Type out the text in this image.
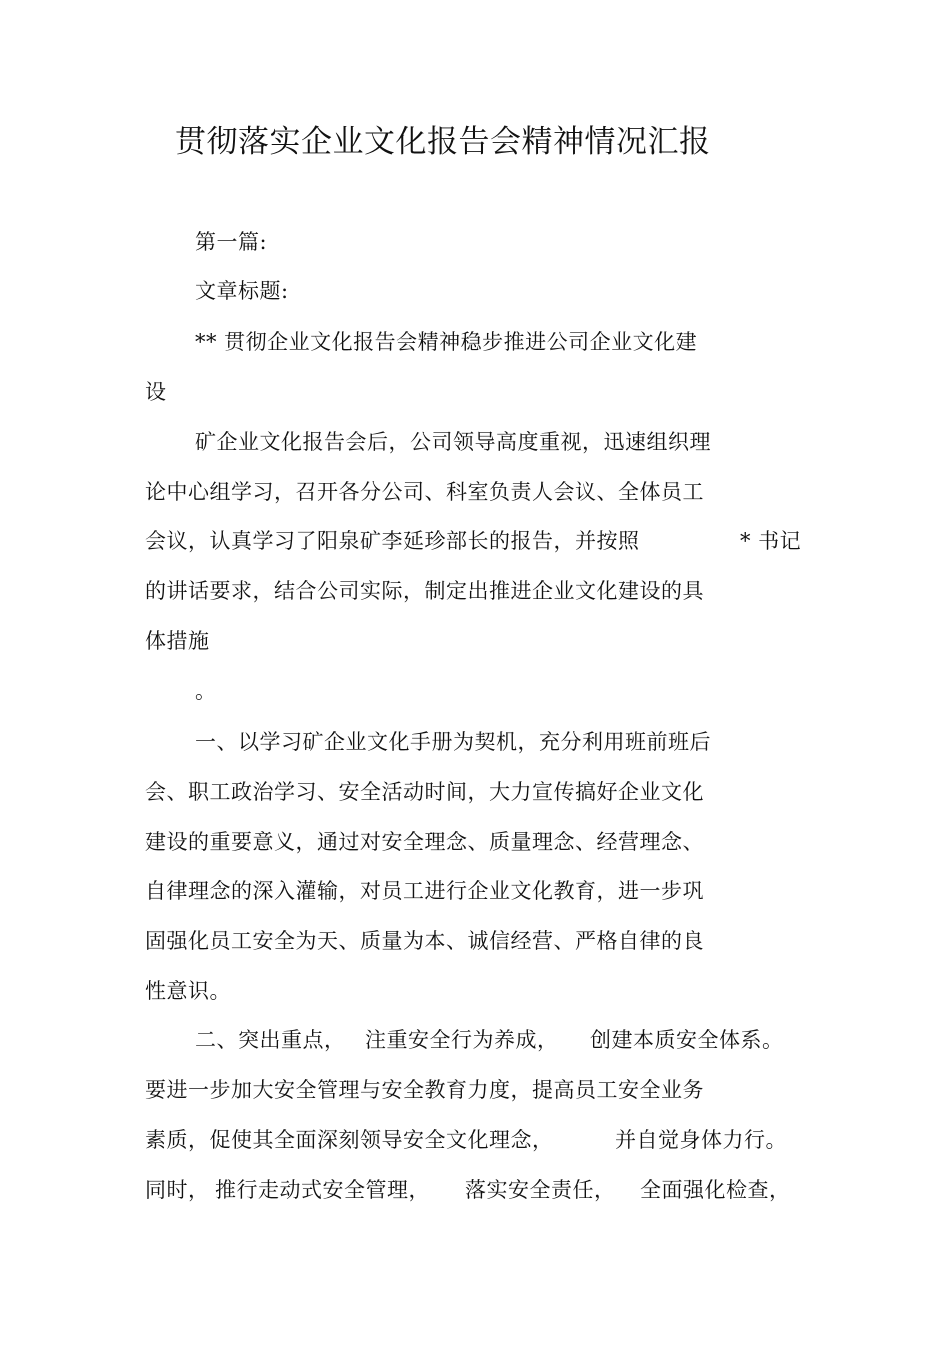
贯彻落实企业文化报告会精神情况汇报
第一篇:
文章标题:
** 贯彻企业文化报告会精神稳步推进公司企业文化建
设
矿企业文化报告会后，公司领导高度重视，迅速组织理
论中心组学习，召开各分公司、科室负责人会议、全体员工
会议，认真学习了阳泉矿李延珍部长的报告，并按照	* 书记
的讲话要求，结合公司实际，制定出推进企业文化建设的具
体措施
。
一、以学习矿企业文化手册为契机，充分利用班前班后
会、职工政治学习、安全活动时间，大力宣传搞好企业文化
建设的重要意义，通过对安全理念、质量理念、经营理念、
自律理念的深入灌输，对员工进行企业文化教育，进一步巩
固强化员工安全为天、质量为本、诚信经营、严格自律的良
性意识。
二、突出重点， 注重安全行为养成， 创建本质安全体系。
要进一步加大安全管理与安全教育力度，提高员工安全业务
素质，促使其全面深刻领导安全文化理念，	并自觉身体力行。
同时， 推行走动式安全管理， 落实安全责任， 全面强化检查，
